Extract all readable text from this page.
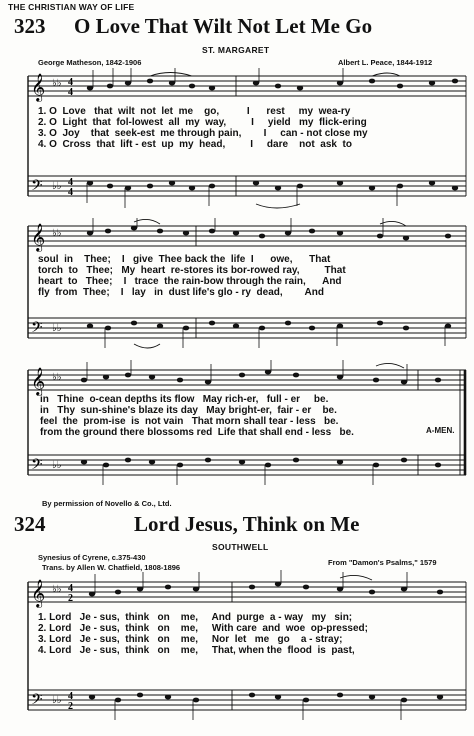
THE CHRISTIAN WAY OF LIFE
323 O Love That Wilt Not Let Me Go
ST. MARGARET
George Matheson, 1842-1906	Albert L. Peace, 1844-1912
𝄞
𝄢
♭♭
♭♭
4
4
4
4
1. O  Love   that  wilt  not  let  me    go,          I      rest     my  wea-ry
2. O  Light  that  fol-lowest  all  my  way,         I     yield   my  flick-ering
3. O  Joy    that  seek-est  me through pain,        I     can - not close my
4. O  Cross  that  lift - est  up  my  head,         I     dare    not  ask  to
𝄞
𝄢
♭♭
♭♭
soul  in    Thee;    I   give  Thee back the  life  I      owe,      That
torch  to   Thee;   My  heart  re-stores its bor-rowed ray,         That
heart  to   Thee;    I   trace  the rain-bow through the rain,      And
fly  from  Thee;    I   lay   in  dust life's glo - ry  dead,        And
𝄞
𝄢
♭♭
♭♭
in   Thine  o-cean depths its flow   May rich-er,   full - er     be.
in   Thy  sun-shine's blaze its day   May bright-er,  fair - er    be.
feel  the  prom-ise  is  not vain   That morn shall tear - less   be.
from the ground there blossoms red  Life that shall end - less   be.	A-MEN.
By permission of Novello & Co., Ltd.
324	Lord Jesus, Think on Me
SOUTHWELL
Synesius of Cyrene, c.375-430
Trans. by Allen W. Chatfield, 1808-1896
From "Damon's Psalms," 1579
𝄞
𝄢
♭♭
♭♭
4
2
4
2
1. Lord   Je - sus,  think   on    me,     And  purge  a - way   my   sin;
2. Lord   Je - sus,  think   on    me,     With care  and  woe  op-pressed;
3. Lord   Je - sus,  think   on    me,     Nor  let   me   go    a - stray;
4. Lord   Je - sus,  think   on    me,     That, when the  flood  is  past,
